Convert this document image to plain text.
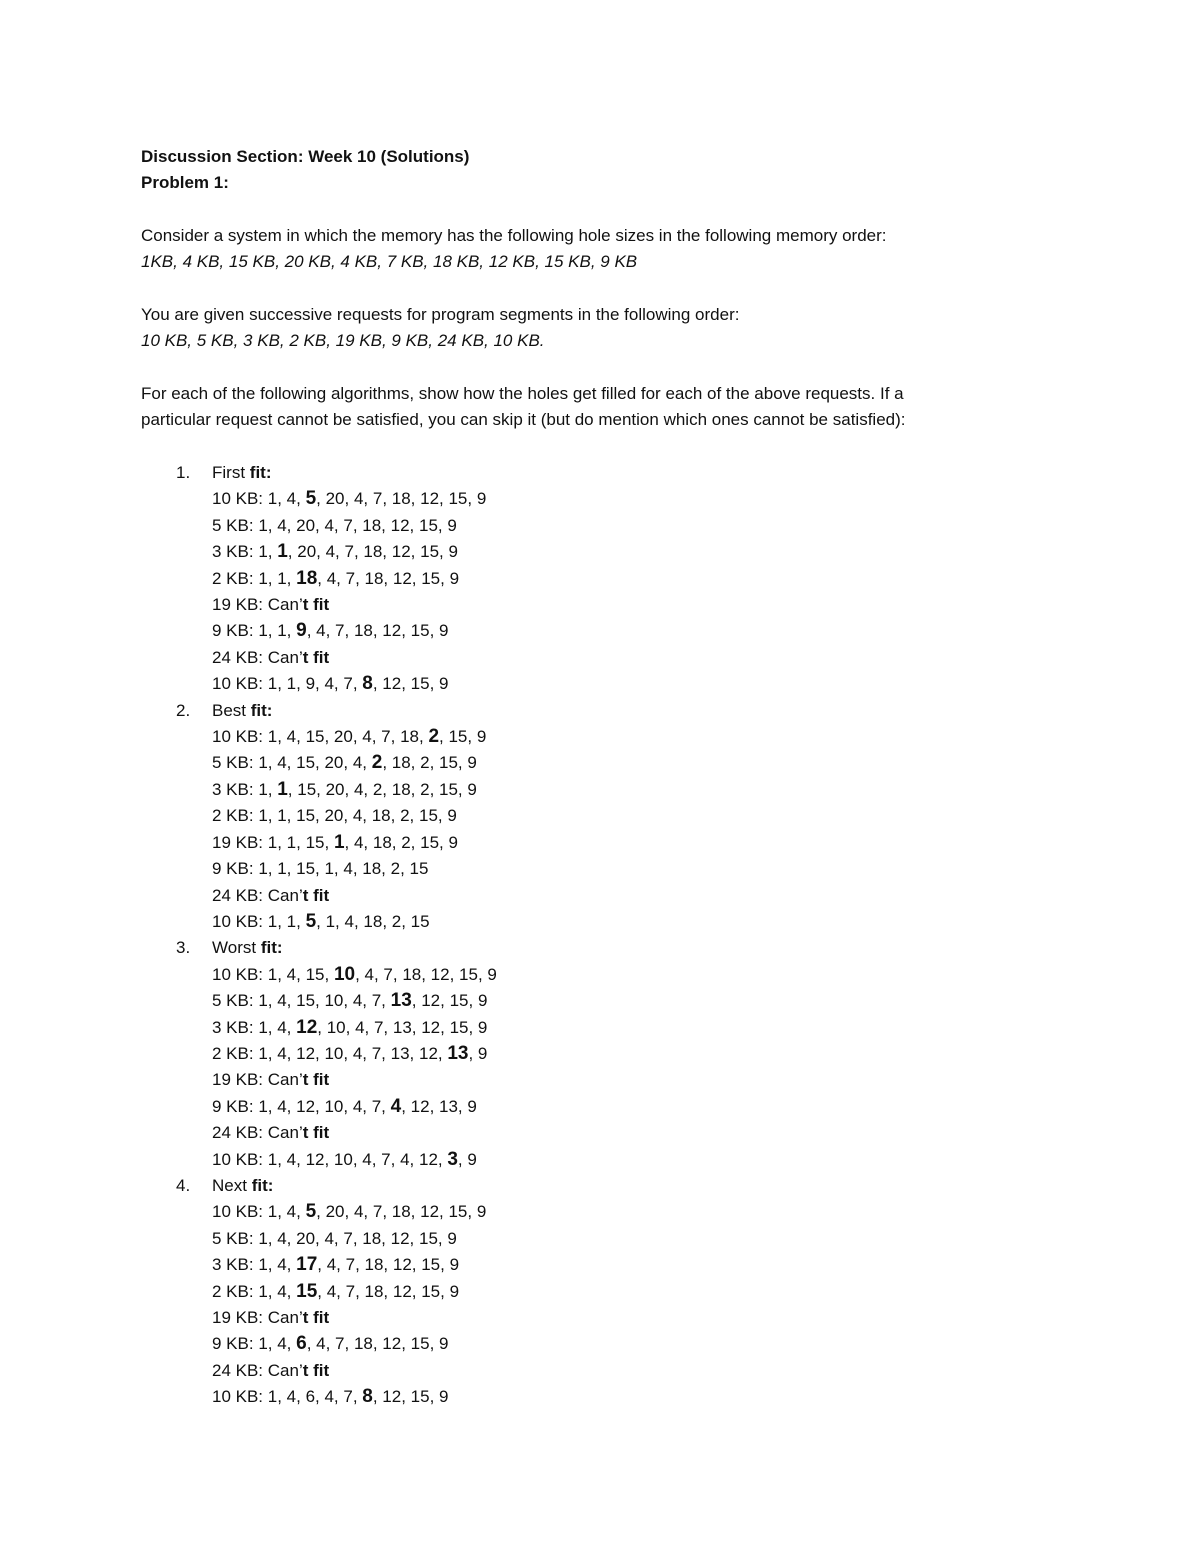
Discussion Section: Week 10 (Solutions)

Problem 1:

Consider a system in which the memory has the following hole sizes in the following memory order:

1KB, 4 KB, 15 KB, 20 KB, 4 KB, 7 KB, 18 KB, 12 KB, 15 KB, 9 KB

You are given successive requests for program segments in the following order:

10 KB, 5 KB, 3 KB, 2 KB, 19 KB, 9 KB, 24 KB, 10 KB.

For each of the following algorithms, show how the holes get filled for each of the above requests. If a

particular request cannot be satisfied, you can skip it (but do mention which ones cannot be satisfied):

1. First fit:
10 KB: 1, 4, 5, 20, 4, 7, 18, 12, 15, 9
5 KB: 1, 4, 20, 4, 7, 18, 12, 15, 9
3 KB: 1, 1, 20, 4, 7, 18, 12, 15, 9
2 KB: 1, 1, 18, 4, 7, 18, 12, 15, 9
19 KB: Can’t fit
9 KB: 1, 1, 9, 4, 7, 18, 12, 15, 9
24 KB: Can’t fit
10 KB: 1, 1, 9, 4, 7, 8, 12, 15, 9
2. Best fit:
10 KB: 1, 4, 15, 20, 4, 7, 18, 2, 15, 9
5 KB: 1, 4, 15, 20, 4, 2, 18, 2, 15, 9
3 KB: 1, 1, 15, 20, 4, 2, 18, 2, 15, 9
2 KB: 1, 1, 15, 20, 4, 18, 2, 15, 9
19 KB: 1, 1, 15, 1, 4, 18, 2, 15, 9
9 KB: 1, 1, 15, 1, 4, 18, 2, 15
24 KB: Can’t fit
10 KB: 1, 1, 5, 1, 4, 18, 2, 15
3. Worst fit:
10 KB: 1, 4, 15, 10, 4, 7, 18, 12, 15, 9
5 KB: 1, 4, 15, 10, 4, 7, 13, 12, 15, 9
3 KB: 1, 4, 12, 10, 4, 7, 13, 12, 15, 9
2 KB: 1, 4, 12, 10, 4, 7, 13, 12, 13, 9
19 KB: Can’t fit
9 KB: 1, 4, 12, 10, 4, 7, 4, 12, 13, 9
24 KB: Can’t fit
10 KB: 1, 4, 12, 10, 4, 7, 4, 12, 3, 9
4. Next fit:
10 KB: 1, 4, 5, 20, 4, 7, 18, 12, 15, 9
5 KB: 1, 4, 20, 4, 7, 18, 12, 15, 9
3 KB: 1, 4, 17, 4, 7, 18, 12, 15, 9
2 KB: 1, 4, 15, 4, 7, 18, 12, 15, 9
19 KB: Can’t fit
9 KB: 1, 4, 6, 4, 7, 18, 12, 15, 9
24 KB: Can’t fit
10 KB: 1, 4, 6, 4, 7, 8, 12, 15, 9
